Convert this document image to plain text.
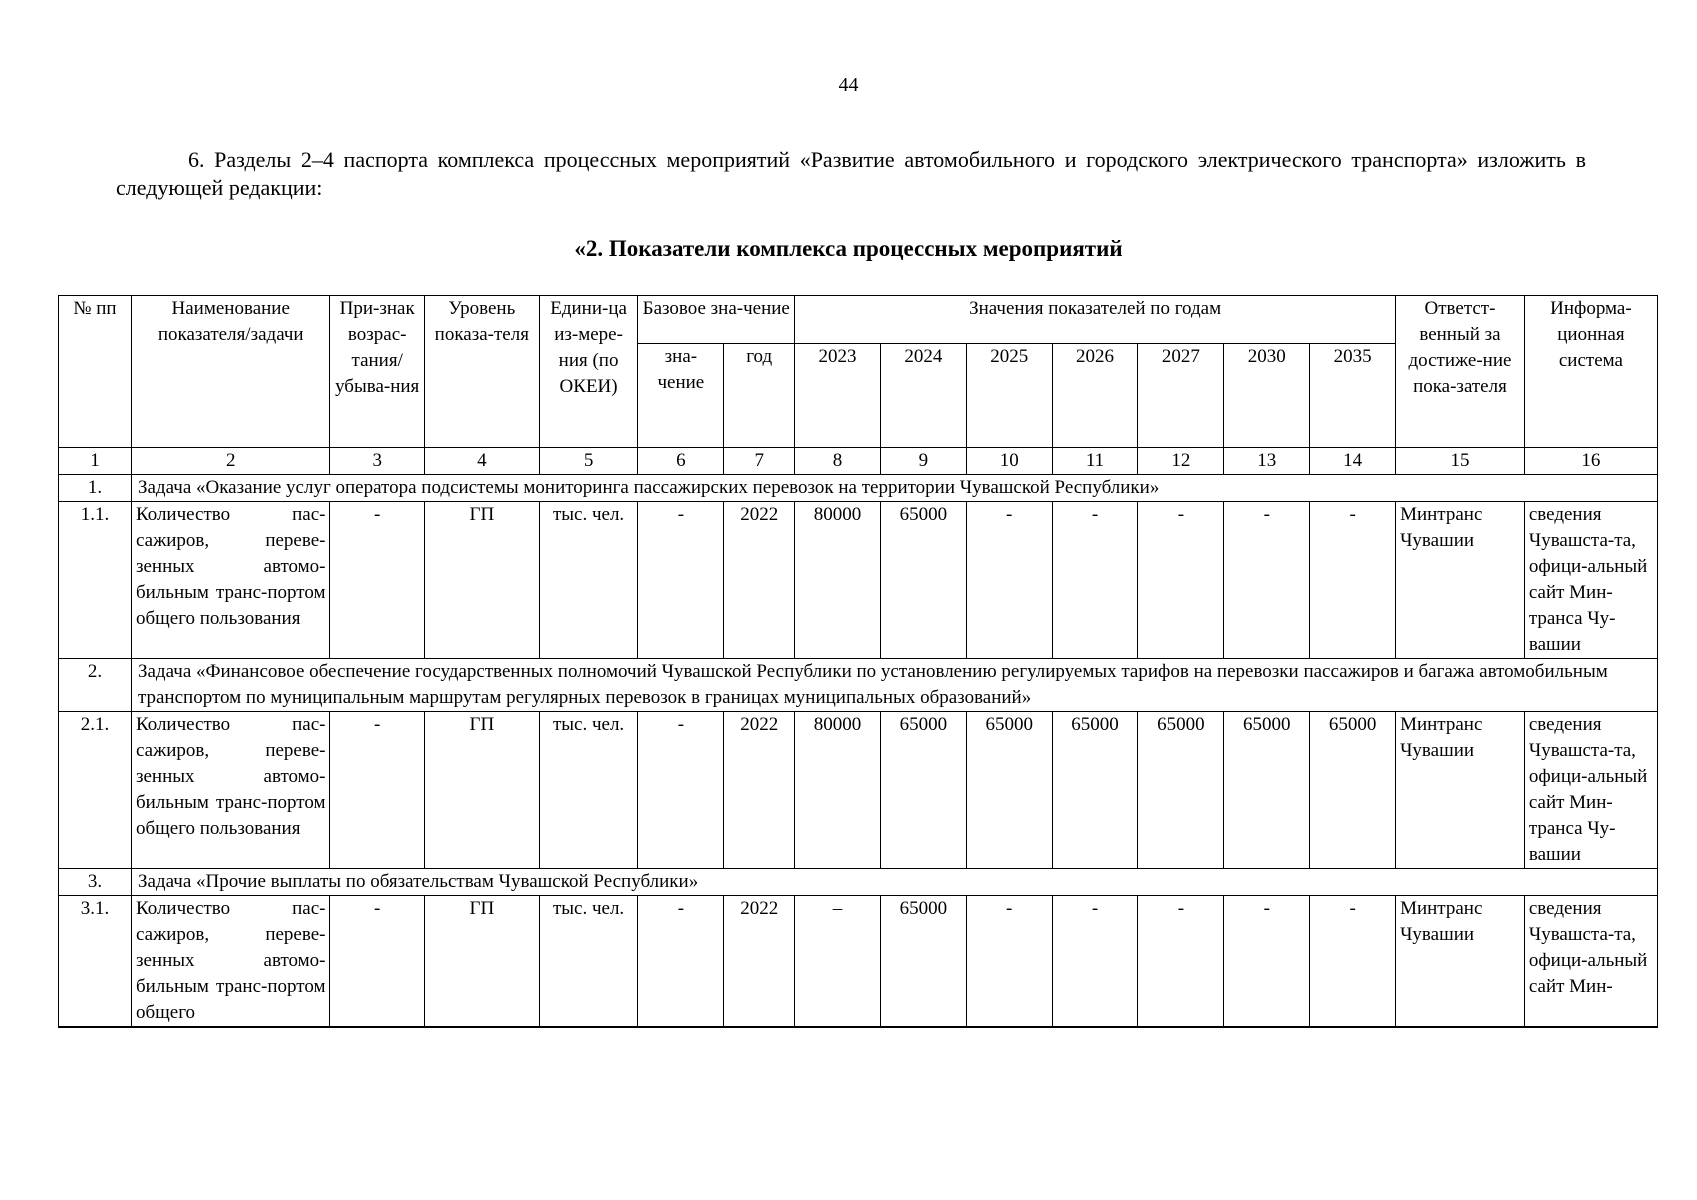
44
6. Разделы 2–4 паспорта комплекса процессных мероприятий «Развитие автомобильного и городского электрического транспорта» изложить в следующей редакции:
«2. Показатели комплекса процессных мероприятий
№ пп	Наименование показателя/задачи	При-знак возрас-тания/ убыва-ния	Уровень показа-теля	Едини-ца из-мере-ния (по ОКЕИ)	Базовое зна-чение		Значения показателей по годам							Ответст-венный за достиже-ние пока-зателя	Информа-ционная система
					зна-чение	год	2023	2024	2025	2026	2027	2030	2035		
1	2	3	4	5	6	7	8	9	10	11	12	13	14	15	16
1.	Задача «Оказание услуг оператора подсистемы мониторинга пассажирских перевозок на территории Чувашской Республики»														
1.1.	Количество пас-сажиров, переве-зенных автомо-бильным транс-портом общего пользования	-	ГП	тыс. чел.	-	2022	80000	65000	-	-	-	-	-	Минтранс Чувашии	сведения Чувашста-та, офици-альный сайт Мин-транса Чу-вашии
2.	Задача «Финансовое обеспечение государственных полномочий Чувашской Республики по установлению регулируемых тарифов на перевозки пассажиров и багажа автомобильным транспортом по муниципальным маршрутам регулярных перевозок в границах муниципальных образований»														
2.1.	Количество пас-сажиров, переве-зенных автомо-бильным транс-портом общего пользования	-	ГП	тыс. чел.	-	2022	80000	65000	65000	65000	65000	65000	65000	Минтранс Чувашии	сведения Чувашста-та, офици-альный сайт Мин-транса Чу-вашии
3.	Задача «Прочие выплаты по обязательствам Чувашской Республики»														
3.1.	Количество пас-сажиров, переве-зенных автомо-бильным транс-портом общего	-	ГП	тыс. чел.	-	2022	–	65000	-	-	-	-	-	Минтранс Чувашии	сведения Чувашста-та, офици-альный сайт Мин-
